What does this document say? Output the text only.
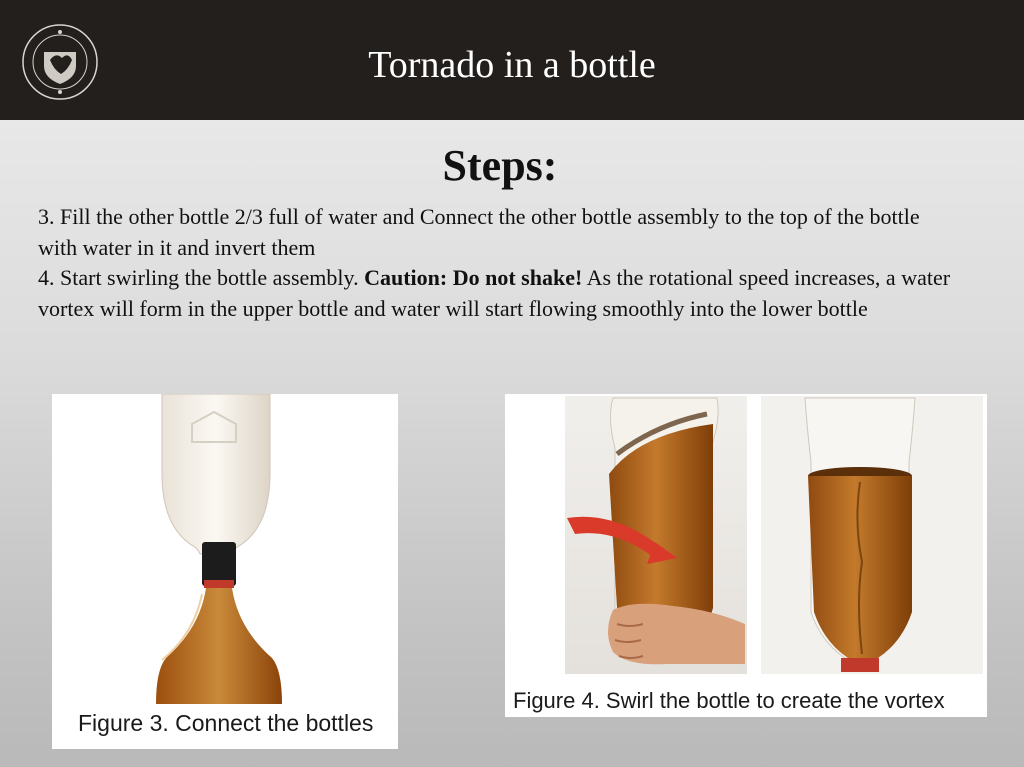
Tornado in a bottle
Steps:

3. Fill the other bottle 2/3 full of water and Connect the other bottle assembly to the top of the bottle with water in it and invert them

4. Start swirling the bottle assembly. Caution: Do not shake! As the rotational speed increases, a water vortex will form in the upper bottle and water will start flowing smoothly into the lower bottle

Figure 3. Connect the bottles
Figure 4. Swirl the bottle to create the vortex
